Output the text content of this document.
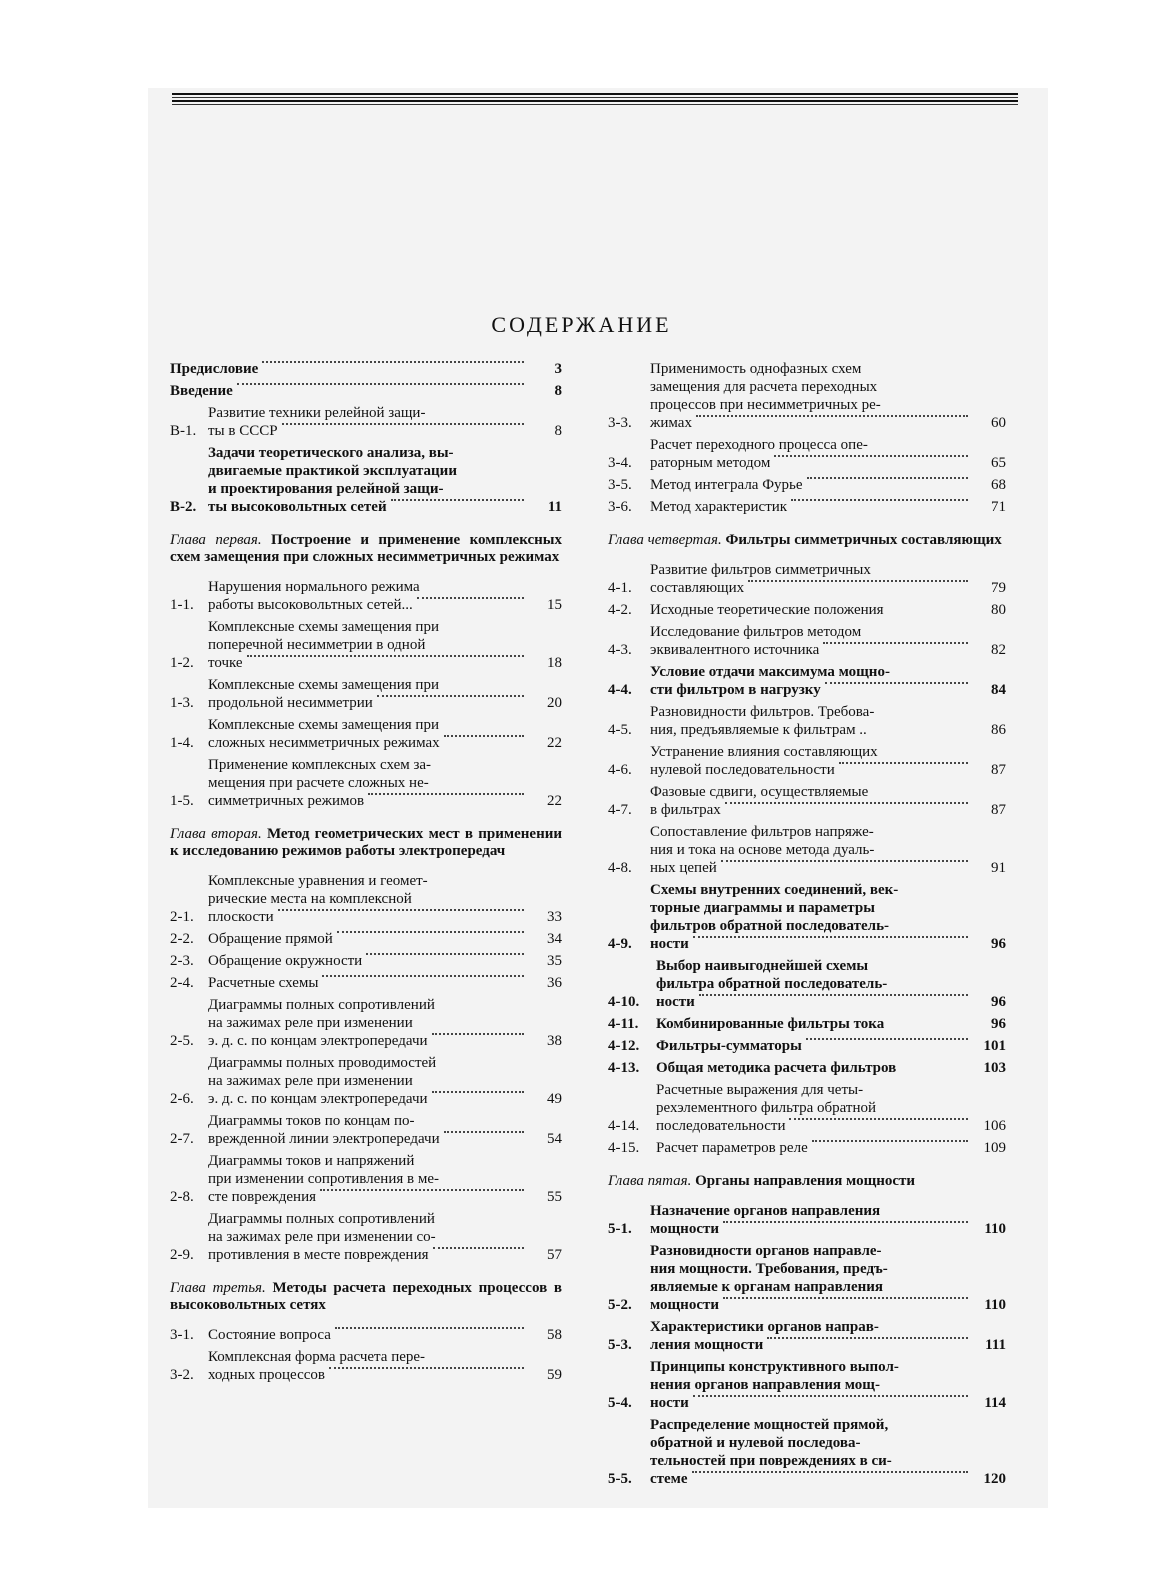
СОДЕРЖАНИЕ
Предисловие	3
Введение	8
В-1.
Развитие техники релейной защи-
ты в СССР	8
В-2.
Задачи теоретического анализа, вы-
двигаемые практикой эксплуатации
и проектирования релейной защи-
ты высоковольтных сетей	11
Глава первая. Построение и применение комплексных схем замещения при сложных несимметричных режимах
1-1.
Нарушения нормального режима
работы высоковольтных сетей...	15
1-2.
Комплексные схемы замещения при
поперечной несимметрии в одной
точке	18
1-3.
Комплексные схемы замещения при
продольной несимметрии	20
1-4.
Комплексные схемы замещения при
сложных несимметричных режимах	22
1-5.
Применение комплексных схем за-
мещения при расчете сложных не-
симметричных режимов	22
Глава вторая. Метод геометрических мест в применении к исследованию режимов работы электропередач
2-1.
Комплексные уравнения и геомет-
рические места на комплексной
плоскости	33
2-2. Обращение прямой	34
2-3. Обращение окружности	35
2-4. Расчетные схемы	36
2-5.
Диаграммы полных сопротивлений
на зажимах реле при изменении
э. д. с. по концам электропередачи	38
2-6.
Диаграммы полных проводимостей
на зажимах реле при изменении
э. д. с. по концам электропередачи	49
2-7.
Диаграммы токов по концам по-
врежденной линии электропередачи	54
2-8.
Диаграммы токов и напряжений
при изменении сопротивления в ме-
сте повреждения	55
2-9.
Диаграммы полных сопротивлений
на зажимах реле при изменении со-
противления в месте повреждения	57
Глава третья. Методы расчета переходных процессов в высоковольтных сетях
3-1. Состояние вопроса	58
3-2.
Комплексная форма расчета пере-
ходных процессов	59
3-3.
Применимость однофазных схем
замещения для расчета переходных
процессов при несимметричных ре-
жимах	60
3-4.
Расчет переходного процесса опе-
раторным методом	65
3-5.	Метод интеграла Фурье	68
3-6.	Метод характеристик	71
Глава четвертая. Фильтры симметричных составляющих
4-1.
Развитие фильтров симметричных
составляющих	79
4-2.	Исходные теоретические положения	80
4-3.
Исследование фильтров методом
эквивалентного источника	82
4-4.
Условие отдачи максимума мощно-
сти фильтром в нагрузку	84
4-5.
Разновидности фильтров. Требова-
ния, предъявляемые к фильтрам ..	86
4-6.
Устранение влияния составляющих
нулевой последовательности	87
4-7.
Фазовые сдвиги, осуществляемые
в фильтрах	87
4-8.
Сопоставление фильтров напряже-
ния и тока на основе метода дуаль-
ных цепей	91
4-9.
Схемы внутренних соединений, век-
торные диаграммы и параметры
фильтров обратной последователь-
ности	96
4-10.
Выбор наивыгоднейшей схемы
фильтра обратной последователь-
ности	96
4-11.	Комбинированные фильтры тока	96
4-12.	Фильтры-сумматоры	101
4-13.	Общая методика расчета фильтров	103
4-14.
Расчетные выражения для четы-
рехэлементного фильтра обратной
последовательности	106
4-15.	Расчет параметров реле	109
Глава пятая. Органы направления мощности
5-1.
Назначение органов направления
мощности	110
5-2.
Разновидности органов направле-
ния мощности. Требования, предъ-
являемые к органам направления
мощности	110
5-3.
Характеристики органов направ-
ления мощности	111
5-4.
Принципы конструктивного выпол-
нения органов направления мощ-
ности	114
5-5.
Распределение мощностей прямой,
обратной и нулевой последова-
тельностей при повреждениях в си-
стеме	120
